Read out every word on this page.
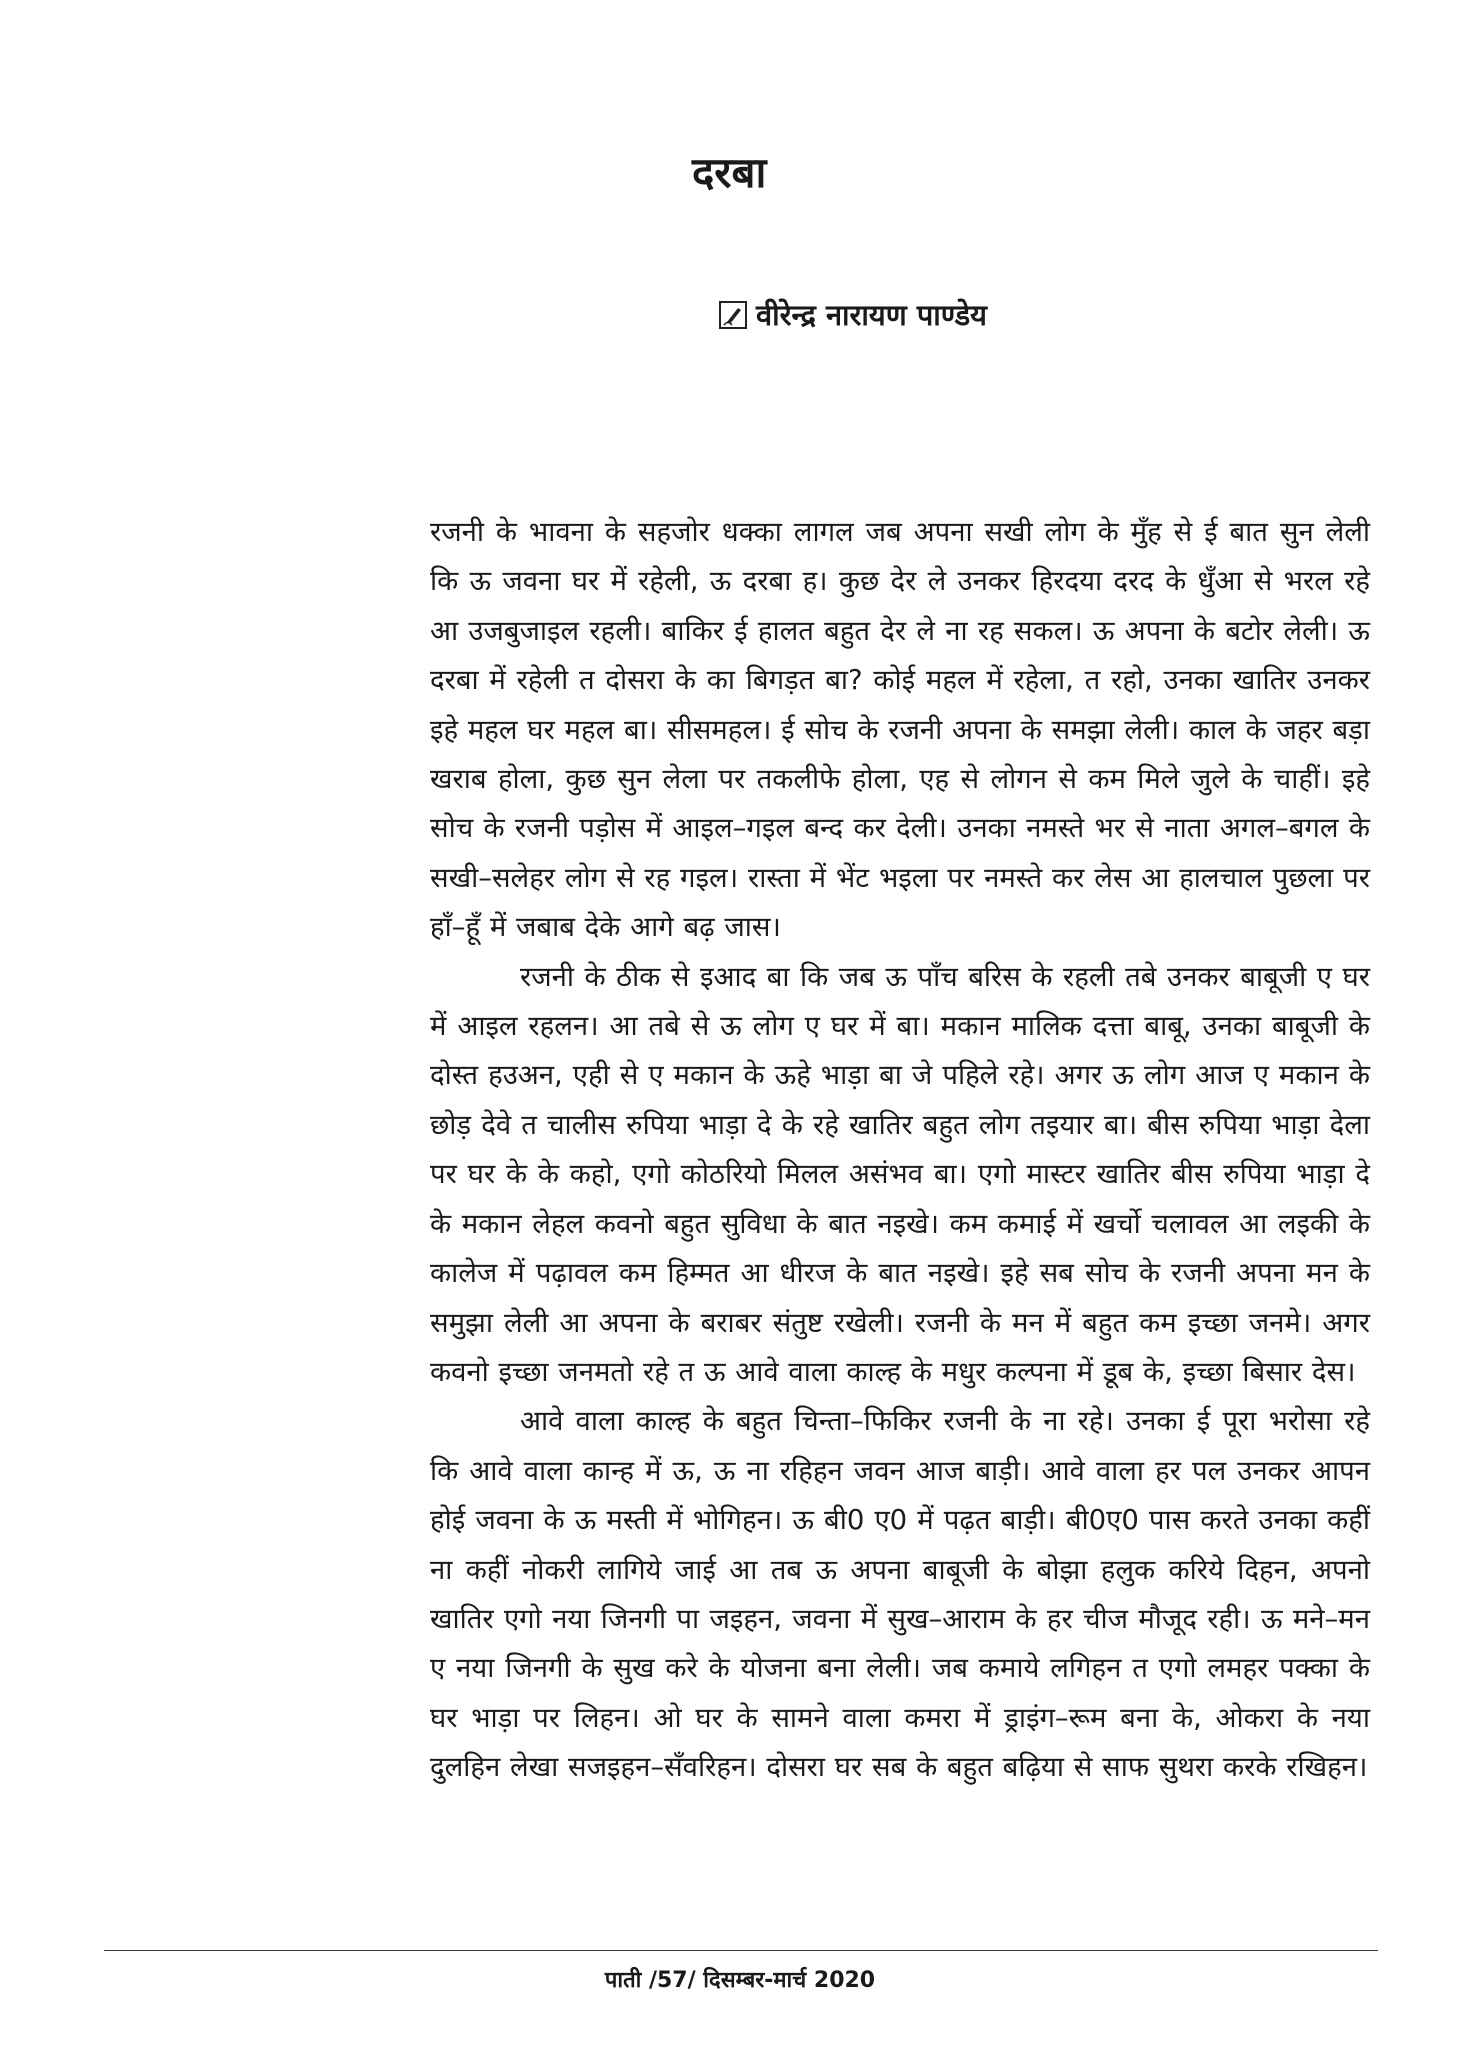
दरबा
वीरेन्द्र नारायण पाण्डेय

रजनी के भावना के सहजोर धक्का लागल जब अपना सखी लोग के मुँह से ई बात सुन लेली कि ऊ जवना घर में रहेली, ऊ दरबा ह। कुछ देर ले उनकर हिरदया दरद के धुँआ से भरल रहे आ उजबुजाइल रहली। बाकिर ई हालत बहुत देर ले ना रह सकल। ऊ अपना के बटोर लेली। ऊ दरबा में रहेली त दोसरा के का बिगड़त बा? कोई महल में रहेला, त रहो, उनका खातिर उनकर इहे महल घर महल बा। सीसमहल। ई सोच के रजनी अपना के समझा लेली। काल के जहर बड़ा खराब होला, कुछ सुन लेला पर तकलीफे होला, एह से लोगन से कम मिले जुले के चाहीं। इहे सोच के रजनी पड़ोस में आइल–गइल बन्द कर देली। उनका नमस्ते भर से नाता अगल–बगल के सखी–सलेहर लोग से रह गइल। रास्ता में भेंट भइला पर नमस्ते कर लेस आ हालचाल पुछला पर हाँ–हूँ में जबाब देके आगे बढ़ जास।

रजनी के ठीक से इआद बा कि जब ऊ पाँच बरिस के रहली तबे उनकर बाबूजी ए घर में आइल रहलन। आ तबे से ऊ लोग ए घर में बा। मकान मालिक दत्ता बाबू, उनका बाबूजी के दोस्त हउअन, एही से ए मकान के ऊहे भाड़ा बा जे पहिले रहे। अगर ऊ लोग आज ए मकान के छोड़ देवे त चालीस रुपिया भाड़ा दे के रहे खातिर बहुत लोग तइयार बा। बीस रुपिया भाड़ा देला पर घर के के कहो, एगो कोठरियो मिलल असंभव बा। एगो मास्टर खातिर बीस रुपिया भाड़ा दे के मकान लेहल कवनो बहुत सुविधा के बात नइखे। कम कमाई में खर्चो चलावल आ लइकी के कालेज में पढ़ावल कम हिम्मत आ धीरज के बात नइखे। इहे सब सोच के रजनी अपना मन के समुझा लेली आ अपना के बराबर संतुष्ट रखेली। रजनी के मन में बहुत कम इच्छा जनमे। अगर कवनो इच्छा जनमतो रहे त ऊ आवे वाला काल्ह के मधुर कल्पना में डूब के, इच्छा बिसार देस।

आवे वाला काल्ह के बहुत चिन्ता–फिकिर रजनी के ना रहे। उनका ई पूरा भरोसा रहे कि आवे वाला कान्ह में ऊ, ऊ ना रहिहन जवन आज बाड़ी। आवे वाला हर पल उनकर आपन होई जवना के ऊ मस्ती में भोगिहन। ऊ बी0 ए0 में पढ़त बाड़ी। बी0ए0 पास करते उनका कहीं ना कहीं नोकरी लागिये जाई आ तब ऊ अपना बाबूजी के बोझा हलुक करिये दिहन, अपनो खातिर एगो नया जिनगी पा जइहन, जवना में सुख–आराम के हर चीज मौजूद रही। ऊ मने–मन ए नया जिनगी के सुख करे के योजना बना लेली। जब कमाये लगिहन त एगो लमहर पक्का के घर भाड़ा पर लिहन। ओ घर के सामने वाला कमरा में ड्राइंग–रूम बना के, ओकरा के नया दुलहिन लेखा सजइहन–सँवरिहन। दोसरा घर सब के बहुत बढ़िया से साफ सुथरा करके रखिहन।

पाती /57/ दिसम्बर-मार्च 2020
